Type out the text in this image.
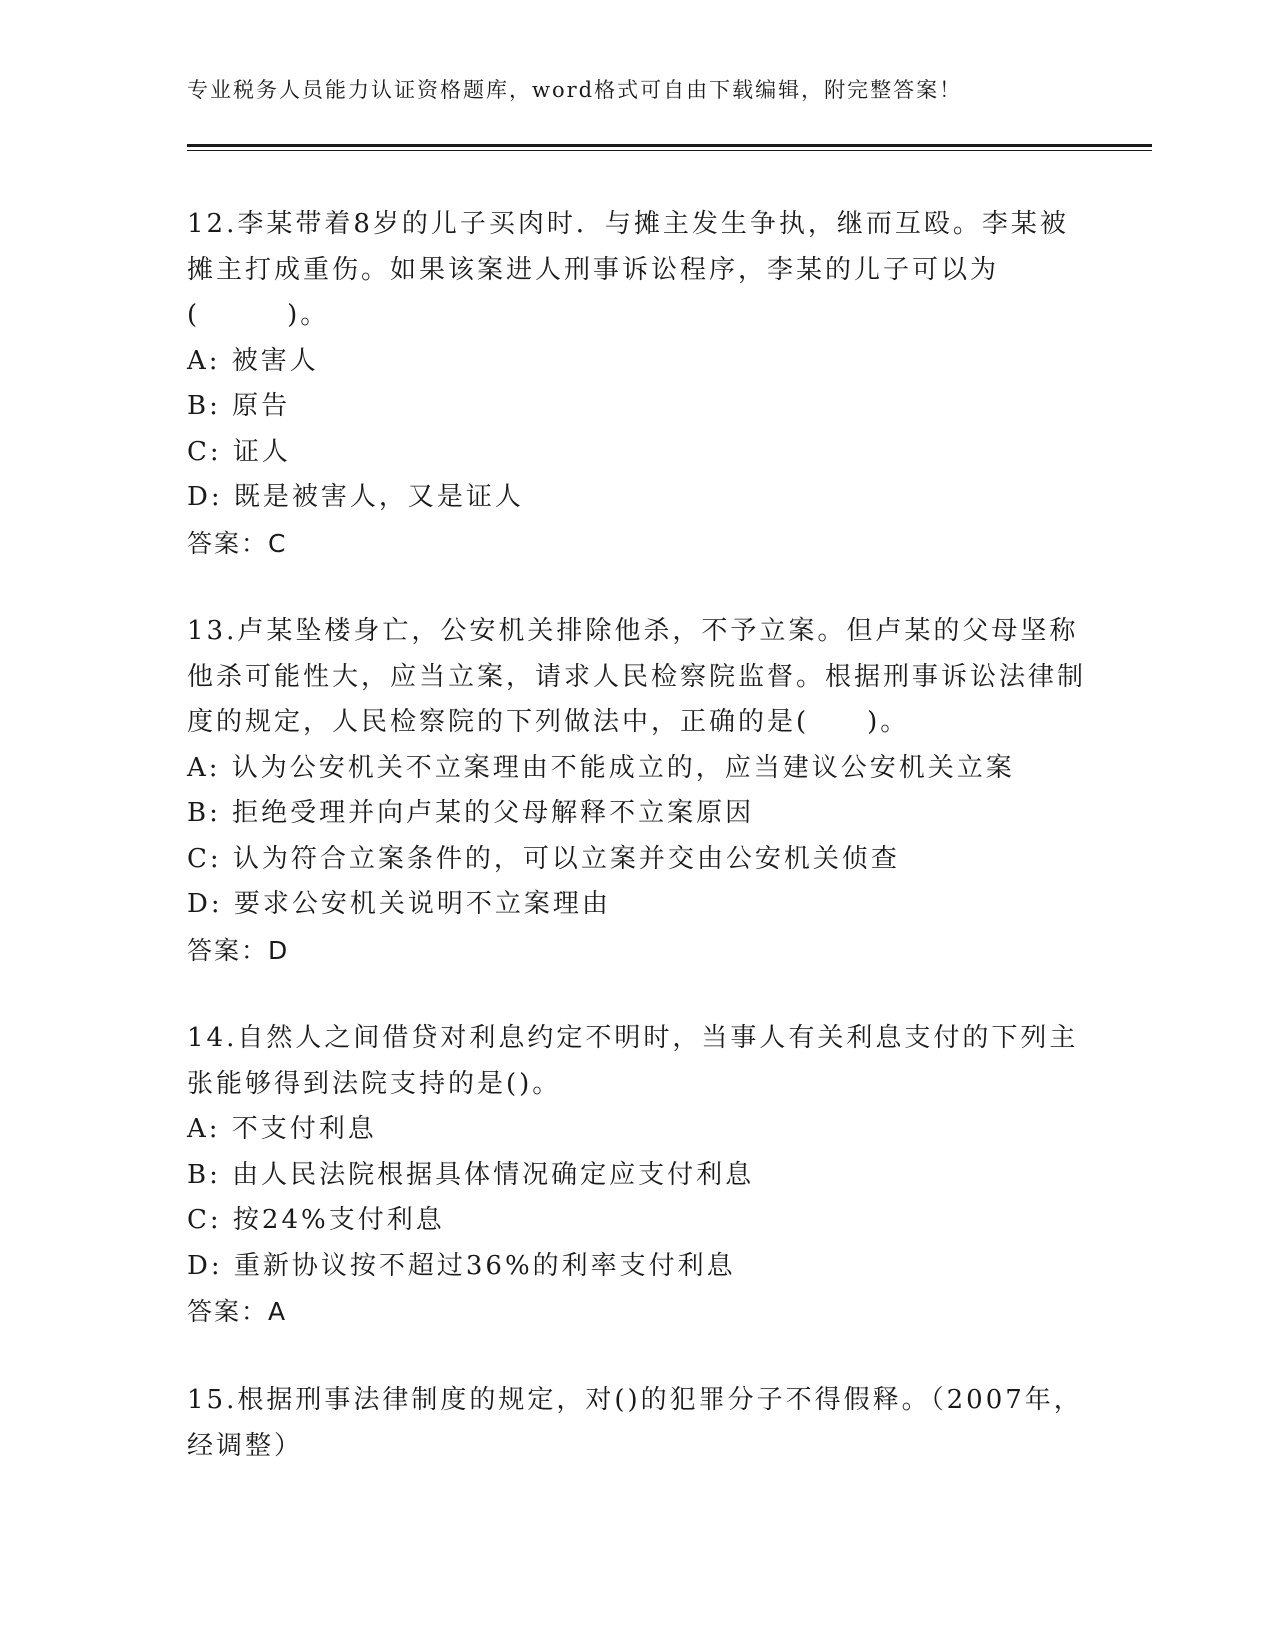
专业税务人员能力认证资格题库，word格式可自由下载编辑，附完整答案！

12.李某带着8岁的儿子买肉时．与摊主发生争执，继而互殴。李某被摊主打成重伤。如果该案进人刑事诉讼程序，李某的儿子可以为(　　　)。

A: 被害人

B: 原告

C: 证人

D: 既是被害人，又是证人

答案：C

13.卢某坠楼身亡，公安机关排除他杀，不予立案。但卢某的父母坚称他杀可能性大，应当立案，请求人民检察院监督。根据刑事诉讼法律制度的规定，人民检察院的下列做法中，正确的是(　　)。

A: 认为公安机关不立案理由不能成立的，应当建议公安机关立案

B: 拒绝受理并向卢某的父母解释不立案原因

C: 认为符合立案条件的，可以立案并交由公安机关侦查

D: 要求公安机关说明不立案理由

答案：D

14.自然人之间借贷对利息约定不明时，当事人有关利息支付的下列主张能够得到法院支持的是()。

A: 不支付利息

B: 由人民法院根据具体情况确定应支付利息

C: 按24%支付利息

D: 重新协议按不超过36%的利率支付利息

答案：A

15.根据刑事法律制度的规定，对()的犯罪分子不得假释。（2007年，经调整）
